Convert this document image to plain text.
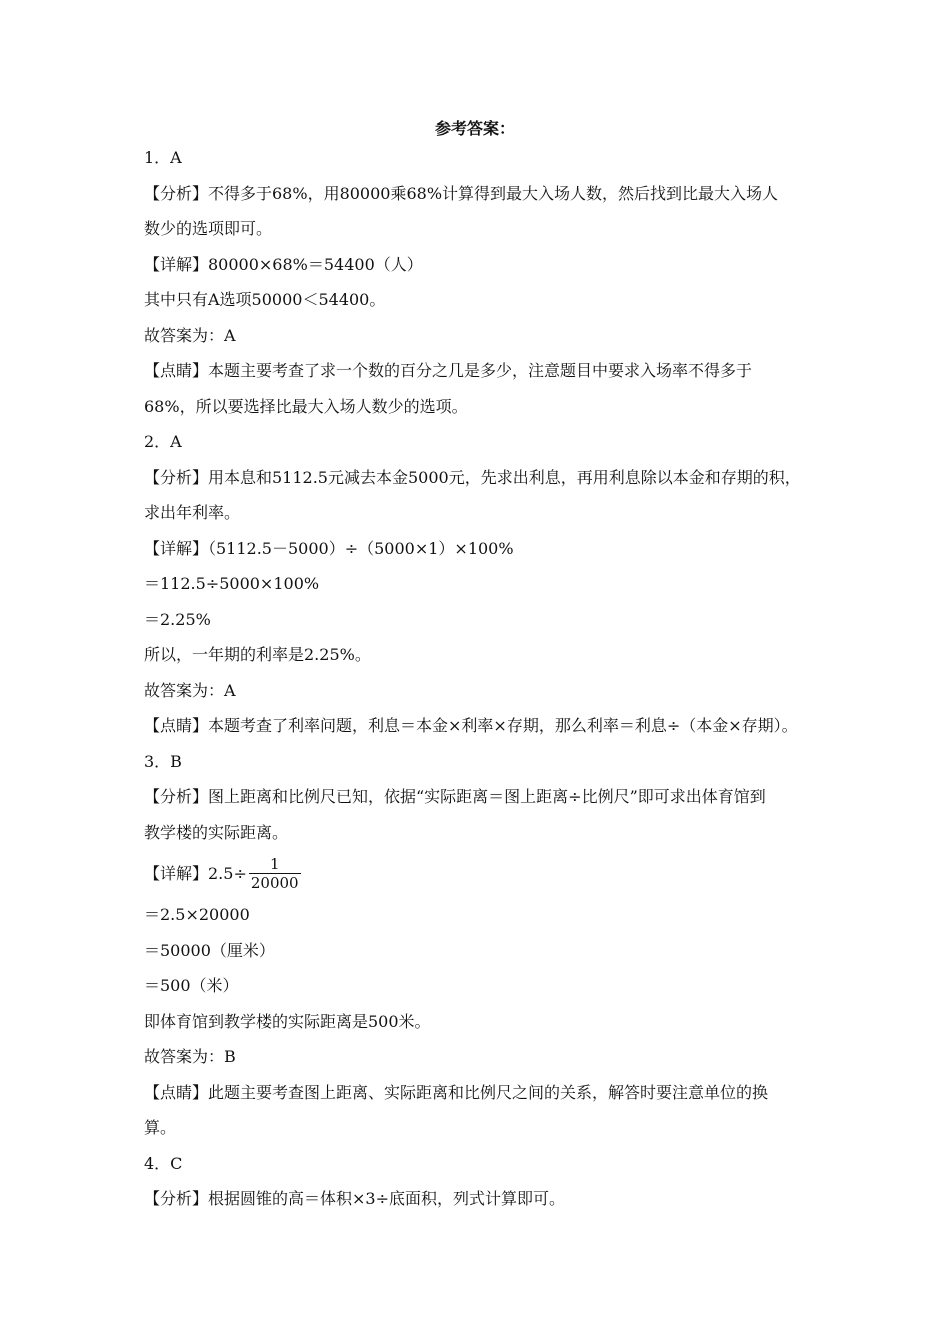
参考答案：
1．A
【分析】不得多于68%，用80000乘68%计算得到最大入场人数，然后找到比最大入场人
数少的选项即可。
【详解】80000×68%＝54400（人）
其中只有A选项50000＜54400。
故答案为：A
【点睛】本题主要考查了求一个数的百分之几是多少，注意题目中要求入场率不得多于
68%，所以要选择比最大入场人数少的选项。
2．A
【分析】用本息和5112.5元减去本金5000元，先求出利息，再用利息除以本金和存期的积，
求出年利率。
【详解】（5112.5－5000）÷（5000×1）×100%
＝112.5÷5000×100%
＝2.25%
所以，一年期的利率是2.25%。
故答案为：A
【点睛】本题考查了利率问题，利息＝本金×利率×存期，那么利率＝利息÷（本金×存期）。
3．B
【分析】图上距离和比例尺已知，依据“实际距离＝图上距离÷比例尺”即可求出体育馆到
教学楼的实际距离。
【详解】$2.5\div \frac{1}{20000}$
＝2.5×20000
＝50000（厘米）
＝500（米）
即体育馆到教学楼的实际距离是500米。
故答案为：B
【点睛】此题主要考查图上距离、实际距离和比例尺之间的关系，解答时要注意单位的换
算。
4．C
【分析】根据圆锥的高＝体积×3÷底面积，列式计算即可。
